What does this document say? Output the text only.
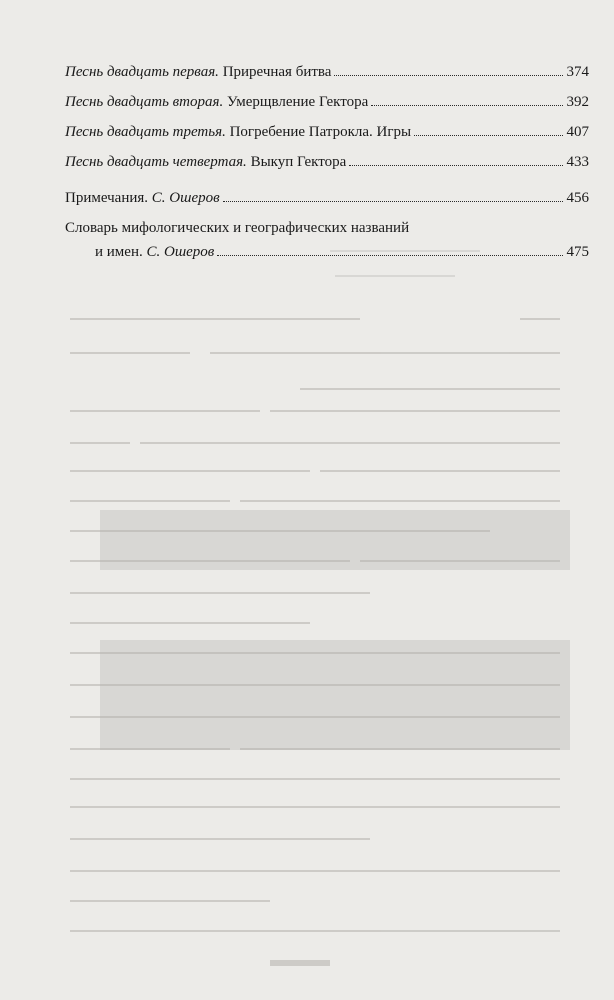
Песнь двадцать первая. Приречная битва	374
Песнь двадцать вторая. Умерщвление Гектора	392
Песнь двадцать третья. Погребение Патрокла. Игры	407
Песнь двадцать четвертая. Выкуп Гектора	433
Примечания. С. Ошеров	456
Словарь мифологических и географических названий
и имен. С. Ошеров	475
